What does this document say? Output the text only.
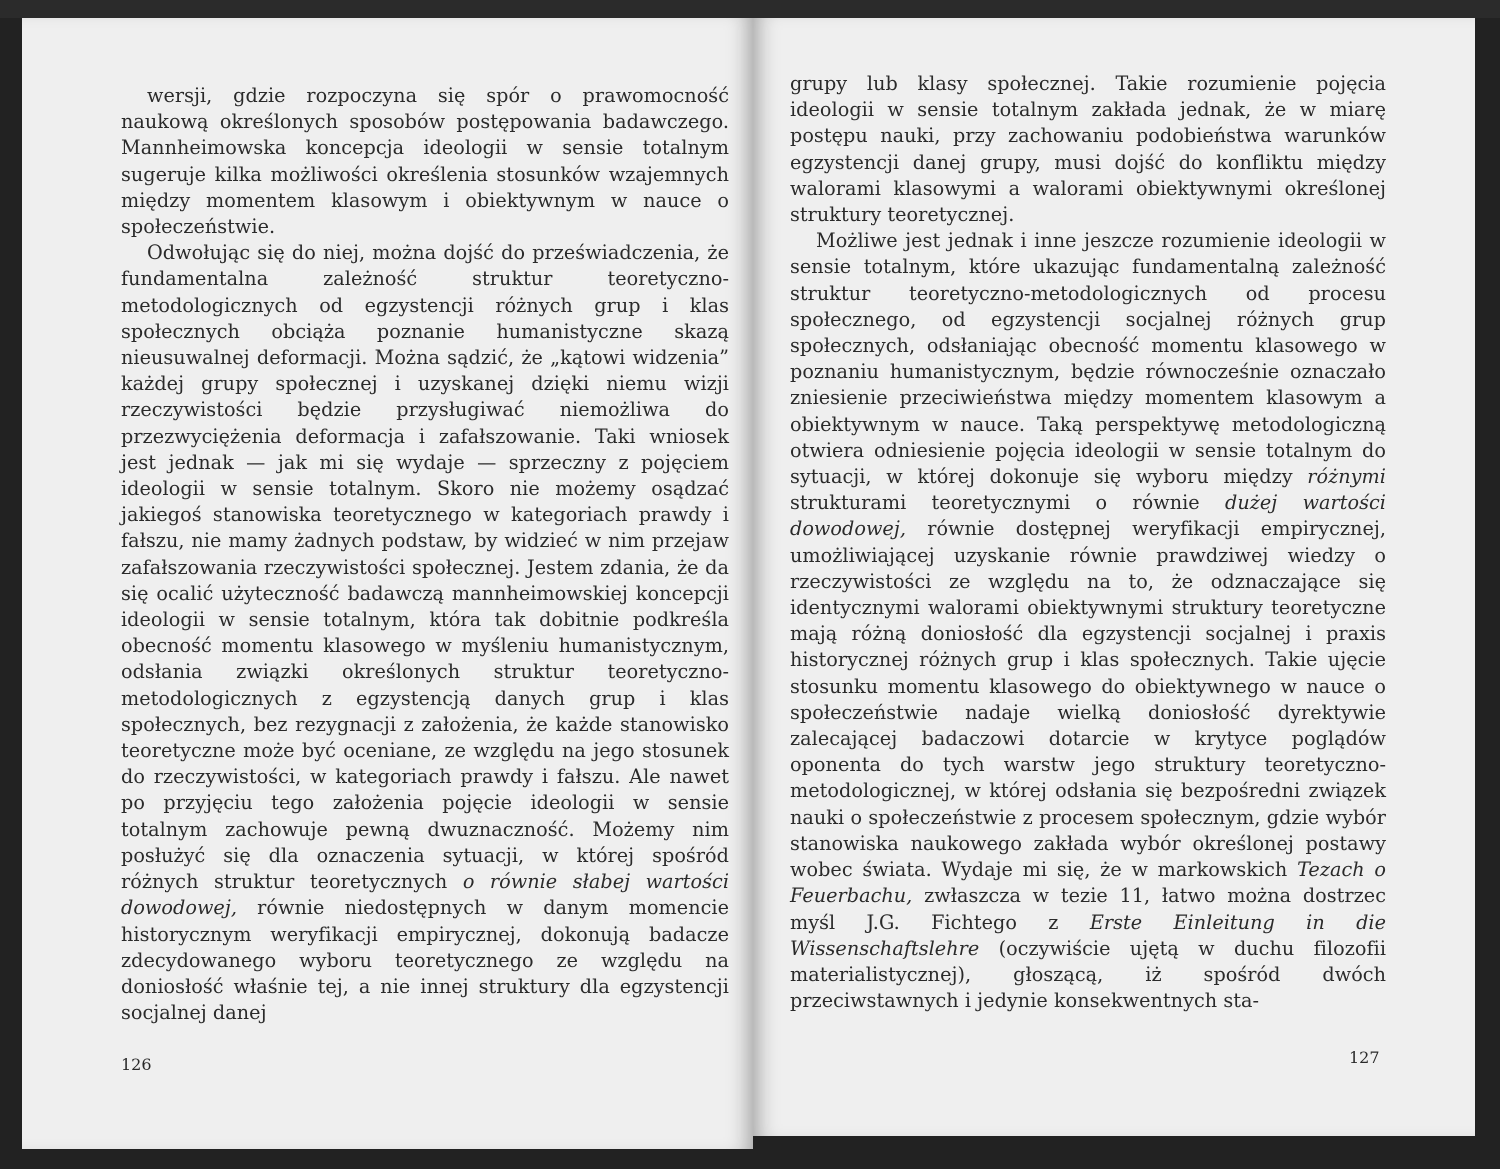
wersji, gdzie rozpoczyna się spór o prawomocność naukową określonych sposobów postępowania badawczego. Mannheimowska koncepcja ideologii w sensie totalnym sugeruje kilka możliwości określenia stosunków wzajemnych między momentem klasowym i obiektywnym w nauce o społeczeństwie.

Odwołując się do niej, można dojść do przeświadczenia, że fundamentalna zależność struktur teoretyczno-metodologicznych od egzystencji różnych grup i klas społecznych obciąża poznanie humanistyczne skazą nieusuwalnej deformacji. Można sądzić, że „kątowi widzenia” każdej grupy społecznej i uzyskanej dzięki niemu wizji rzeczywistości będzie przysługiwać niemożliwa do przezwyciężenia deformacja i zafałszowanie. Taki wniosek jest jednak — jak mi się wydaje — sprzeczny z pojęciem ideologii w sensie totalnym. Skoro nie możemy osądzać jakiegoś stanowiska teoretycznego w kategoriach prawdy i fałszu, nie mamy żadnych podstaw, by widzieć w nim przejaw zafałszowania rzeczywistości społecznej. Jestem zdania, że da się ocalić użyteczność badawczą mannheimowskiej koncepcji ideologii w sensie totalnym, która tak dobitnie podkreśla obecność momentu klasowego w myśleniu humanistycznym, odsłania związki określonych struktur teoretyczno-metodologicznych z egzystencją danych grup i klas społecznych, bez rezygnacji z założenia, że każde stanowisko teoretyczne może być oceniane, ze względu na jego stosunek do rzeczywistości, w kategoriach prawdy i fałszu. Ale nawet po przyjęciu tego założenia pojęcie ideologii w sensie totalnym zachowuje pewną dwuznaczność. Możemy nim posłużyć się dla oznaczenia sytuacji, w której spośród różnych struktur teoretycznych o równie słabej wartości dowodowej, równie niedostępnych w danym momencie historycznym weryfikacji empirycznej, dokonują badacze zdecydowanego wyboru teoretycznego ze względu na doniosłość właśnie tej, a nie innej struktury dla egzystencji socjalnej danej

126

grupy lub klasy społecznej. Takie rozumienie pojęcia ideologii w sensie totalnym zakłada jednak, że w miarę postępu nauki, przy zachowaniu podobieństwa warunków egzystencji danej grupy, musi dojść do konfliktu między walorami klasowymi a walorami obiektywnymi określonej struktury teoretycznej.

Możliwe jest jednak i inne jeszcze rozumienie ideologii w sensie totalnym, które ukazując fundamentalną zależność struktur teoretyczno-metodologicznych od procesu społecznego, od egzystencji socjalnej różnych grup społecznych, odsłaniając obecność momentu klasowego w poznaniu humanistycznym, będzie równocześnie oznaczało zniesienie przeciwieństwa między momentem klasowym a obiektywnym w nauce. Taką perspektywę metodologiczną otwiera odniesienie pojęcia ideologii w sensie totalnym do sytuacji, w której dokonuje się wyboru między różnymi strukturami teoretycznymi o równie dużej wartości dowodowej, równie dostępnej weryfikacji empirycznej, umożliwiającej uzyskanie równie prawdziwej wiedzy o rzeczywistości ze względu na to, że odznaczające się identycznymi walorami obiektywnymi struktury teoretyczne mają różną doniosłość dla egzystencji socjalnej i praxis historycznej różnych grup i klas społecznych. Takie ujęcie stosunku momentu klasowego do obiektywnego w nauce o społeczeństwie nadaje wielką doniosłość dyrektywie zalecającej badaczowi dotarcie w krytyce poglądów oponenta do tych warstw jego struktury teoretyczno-metodologicznej, w której odsłania się bezpośredni związek nauki o społeczeństwie z procesem społecznym, gdzie wybór stanowiska naukowego zakłada wybór określonej postawy wobec świata. Wydaje mi się, że w markowskich Tezach o Feuerbachu, zwłaszcza w tezie 11, łatwo można dostrzec myśl J.G. Fichtego z Erste Einleitung in die Wissenschaftslehre (oczywiście ujętą w duchu filozofii materialistycznej), głoszącą, iż spośród dwóch przeciwstawnych i jedynie konsekwentnych sta-

127
